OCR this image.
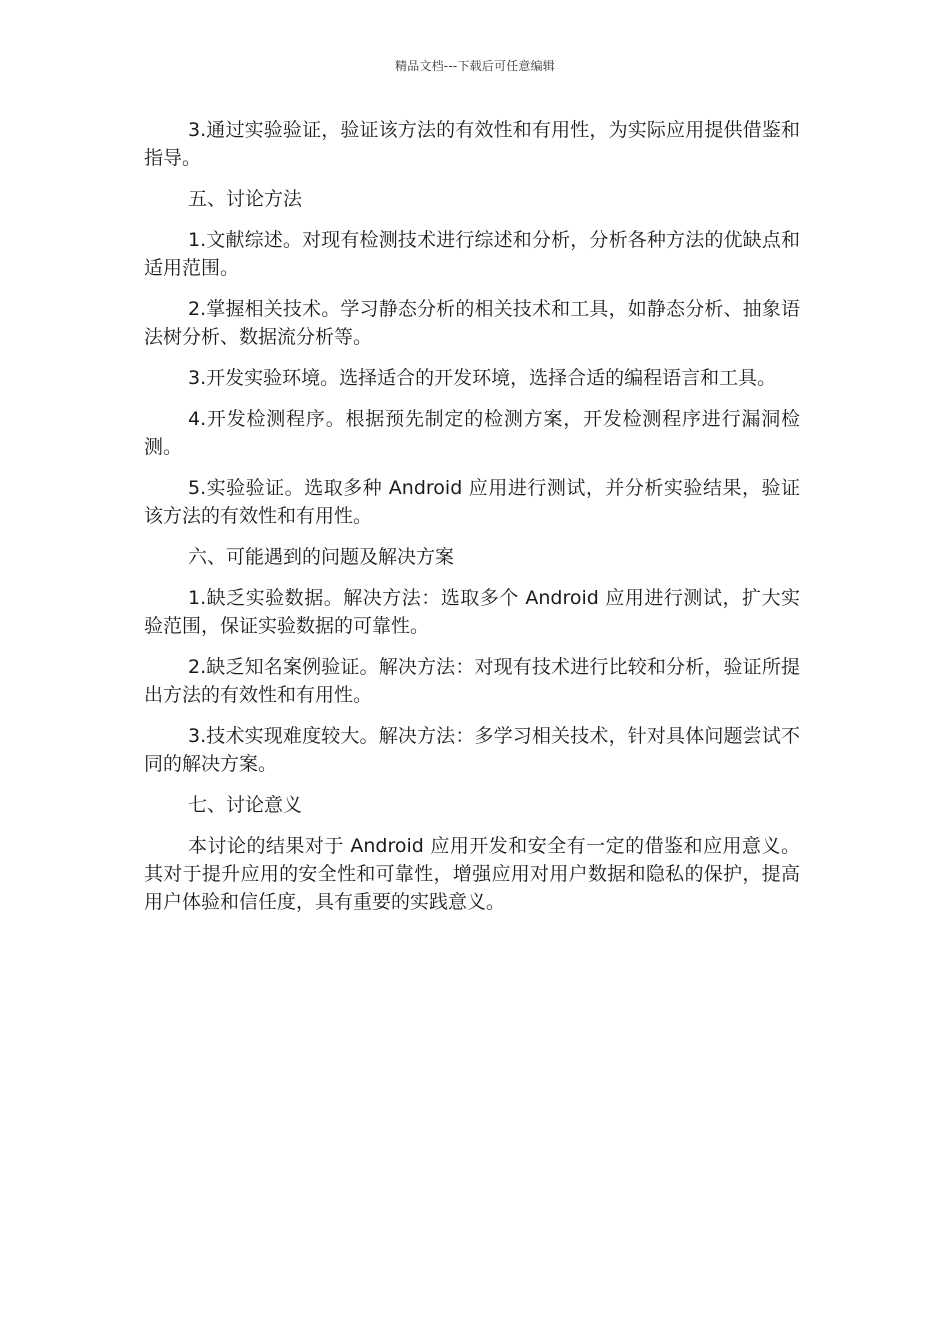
精品文档---下载后可任意编辑

3.通过实验验证，验证该方法的有效性和有用性，为实际应用提供借鉴和指导。

五、讨论方法

1.文献综述。对现有检测技术进行综述和分析，分析各种方法的优缺点和适用范围。

2.掌握相关技术。学习静态分析的相关技术和工具，如静态分析、抽象语法树分析、数据流分析等。

3.开发实验环境。选择适合的开发环境，选择合适的编程语言和工具。

4.开发检测程序。根据预先制定的检测方案，开发检测程序进行漏洞检测。

5.实验验证。选取多种 Android 应用进行测试，并分析实验结果，验证该方法的有效性和有用性。

六、可能遇到的问题及解决方案

1.缺乏实验数据。解决方法：选取多个 Android 应用进行测试，扩大实验范围，保证实验数据的可靠性。

2.缺乏知名案例验证。解决方法：对现有技术进行比较和分析，验证所提出方法的有效性和有用性。

3.技术实现难度较大。解决方法：多学习相关技术，针对具体问题尝试不同的解决方案。

七、讨论意义

本讨论的结果对于 Android 应用开发和安全有一定的借鉴和应用意义。其对于提升应用的安全性和可靠性，增强应用对用户数据和隐私的保护，提高用户体验和信任度，具有重要的实践意义。
